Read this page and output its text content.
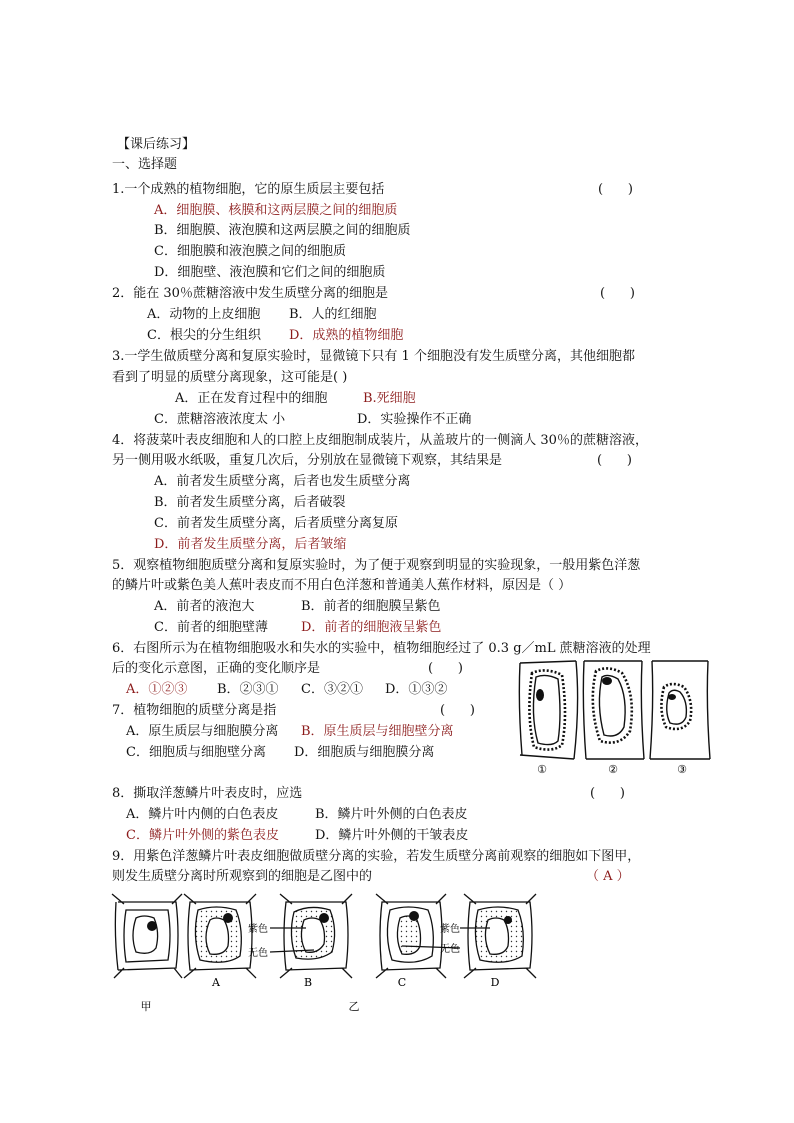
【课后练习】
一、选择题
1.一个成熟的植物细胞，它的原生质层主要包括	(      )
A．细胞膜、核膜和这两层膜之间的细胞质
B．细胞膜、液泡膜和这两层膜之间的细胞质
C．细胞膜和液泡膜之间的细胞质
D．细胞壁、液泡膜和它们之间的细胞质
2．能在 30％蔗糖溶液中发生质壁分离的细胞是	(      )
A．动物的上皮细胞 B．人的红细胞
C．根尖的分生组织 D．成熟的植物细胞
3.一学生做质壁分离和复原实验时，显微镜下只有 1 个细胞没有发生质壁分离，其他细胞都
看到了明显的质壁分离现象，这可能是( )
A．正在发育过程中的细胞	B.死细胞
C．蔗糖溶液浓度太 小	D．实验操作不正确
4．将菠菜叶表皮细胞和人的口腔上皮细胞制成装片，从盖玻片的一侧滴人 30％的蔗糖溶液，
另一侧用吸水纸吸，重复几次后，分别放在显微镜下观察，其结果是	(      )
A．前者发生质壁分离，后者也发生质壁分离
B．前者发生质壁分离，后者破裂
C．前者发生质壁分离，后者质壁分离复原
D．前者发生质壁分离，后者皱缩
5．观察植物细胞质壁分离和复原实验时，为了便于观察到明显的实验现象，一般用紫色洋葱
的鳞片叶或紫色美人蕉叶表皮而不用白色洋葱和普通美人蕉作材料，原因是（ ）
A．前者的液泡大	B．前者的细胞膜呈紫色
C．前者的细胞壁薄	D．前者的细胞液呈紫色
6．右图所示为在植物细胞吸水和失水的实验中，植物细胞经过了 0.3 g／mL 蔗糖溶液的处理
后的变化示意图，正确的变化顺序是	(      )
A．①②③ B．②③① C．③②① D．①③②
①	②	③
7．植物细胞的质壁分离是指	(      )
A．原生质层与细胞膜分离 B．原生质层与细胞壁分离
C．细胞质与细胞壁分离 D．细胞质与细胞膜分离
8．撕取洋葱鳞片叶表皮时，应选	(      )
A．鳞片叶内侧的白色表皮	B．鳞片叶外侧的白色表皮
C．鳞片叶外侧的紫色表皮	D．鳞片叶外侧的干皱表皮
9．用紫色洋葱鳞片叶表皮细胞做质壁分离的实验，若发生质壁分离前观察的细胞如下图甲，
则发生质壁分离时所观察到的细胞是乙图中的	（ A ）
紫色
无色
紫色
无色
A	B	C	D
甲	乙
